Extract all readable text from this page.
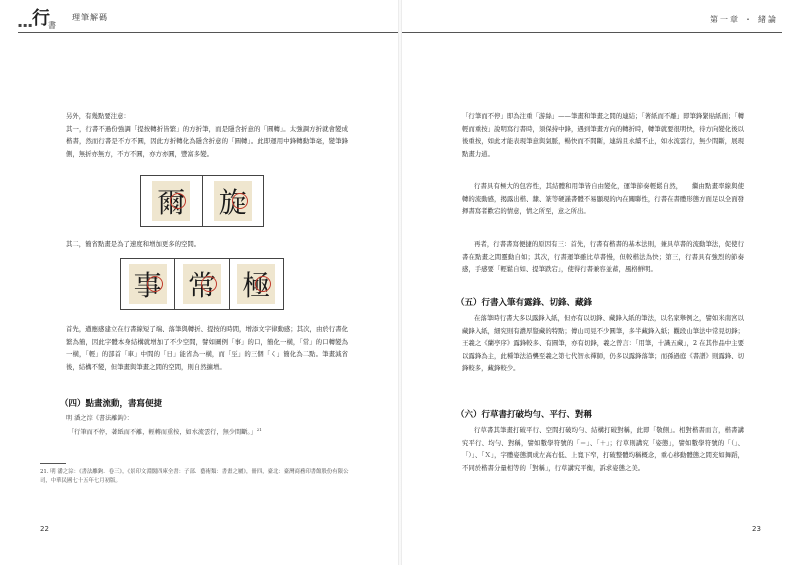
▪▪▪
行
書
理筆解碼

另外，有幾點要注意：

其一，行書不過份強調「提按轉折皆繁」的方折筆，而是隱含折意的「圓轉」。太強調方折就會變成楷書，然而行書是不方不圓，因此方折轉化為隱含折意的「圓轉」。此即運用中鋒轉動筆毫，變筆鋒側，無折亦無方，不方不圓，亦方亦圓，豐富多變。

爾 旋

其二，簡省點畫是為了速度和增加更多的空間。

事 常 極

首先，遒應感建立在行書線短了端、落筆與轉折、提按的時間，增添文字律動感；其次，由於行書化繁為簡，因此字體本身結構就增加了不少空間，譬如圖例「事」的口，簡化一橫，「常」的口轉變為一橫，「輕」的部首「車」中間的「日」能省為一橫，而「巠」的三個「く」簡化為二點。筆畫減省後，結構不變，但筆畫與筆畫之間的空間，則自然擴增。

（四）點畫流動，書寫便捷
明 潘之淙《書法離鉤》：
「行筆而不停，著紙而不離，輕轉而重按，如水流雲行，無少間斷。」$^{21}$
21. 明 潘之淙：《書法離鉤．卷三》，《景印文淵閣四庫全書：子部．藝術類：書畫之屬》，冊四，臺北：臺灣商務印書館股份有限公司，中華民國七十五年七月初版。
22
第一章 ・ 緒論

「行筆而不停」即為注重「游絲」——筆畫和筆畫之間的連結；「著紙而不離」即筆鋒緊貼紙面；「轉輕而重按」說明寫行書時，須保持中鋒，遇到筆畫方向的轉折時，轉筆就要很明快，待方向變化後以後重按，如此才能表現筆意與氣脈，暢快而不間斷，連綿且永續不止，如水流雲行，無少間斷，展現點畫力道。

行書具有極大的包容性，其結體和用筆皆自由變化，運筆節奏輕鬆自然，　　繼由點畫率線與使轉的流動感，揭露出楷、隸、篆等硬謹書體不易顯現的內在關聯性，行書在書體形態方面足以全面發揮書寫者歡宕的情意，情之所至，意之所出。

再者，行書書寫便捷的原因有三：首先，行書有楷書的基本法則，兼具草書的流動筆法，促使行書在點畫之間靈動自如；其次，行書運筆雖比草書慢，但較楷法為快；第三，行書具有強烈的節奏感，手感要「輕鬆自如、提筆跌宕」，使得行書兼容並蓄，風格鮮明。

（五）行書入筆有露鋒、切鋒、藏鋒

在落筆時行書大多以露鋒入紙，但亦有以切鋒、藏鋒入紙的筆法，以名家舉例之，譬如米南宮以藏鋒入紙，細究則有濃厚豎藏的特點；傳山司見不少圓筆，多半藏鋒入紙；觀段山筆法中常見切鋒；王羲之《蘭亭序》露鋒較多、有圓筆，亦有切鋒，羲之曾言：「用筆，十識五藏」，2 在其作品中主要以露鋒為主，此種筆法沿襲至羲之第七代智永禪師，仍多以露鋒落筆；而孫過庭《書譜》則露鋒、切鋒較多，藏鋒較少。

（六）行草書打破均勻、平行、對稱

行草書其筆畫打破平行、空間打破均勻、結構打破對稱，此即「敬側」。相對楷書而言，楷書講究平行、均勻、對稱，譬如數學符號的「＝」、「＋」；行草則講究「姿態」，譬如數學符號的「（」、「）」、「Ｘ」，字體姿態潤成左高右低、上寬下窄，打破整體均稱概念，重心移動體態之間充如舞蹈，不同於楷書分量相等的「對稱」，行草講究平衡，訴求姿態之美。

23
